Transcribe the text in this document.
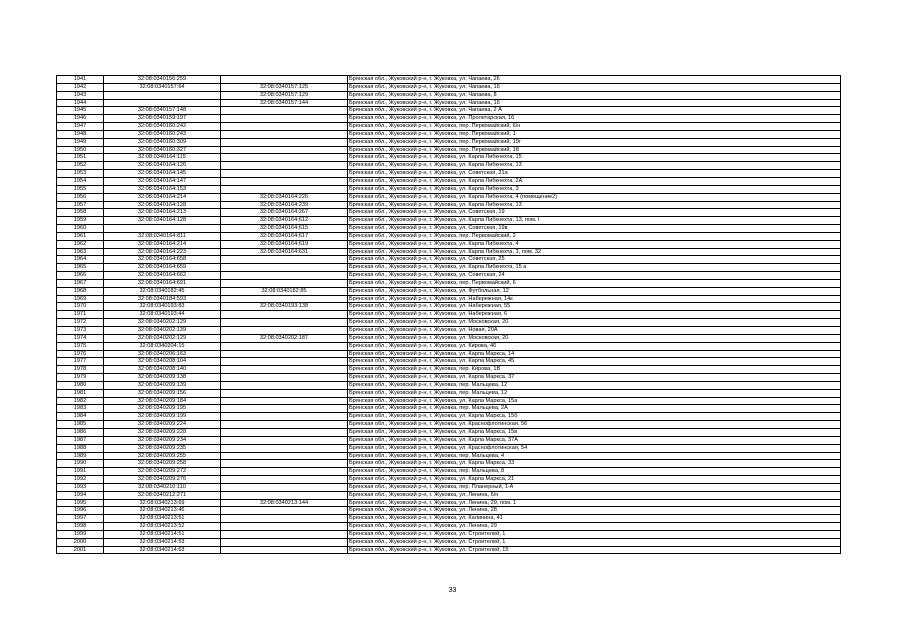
1941	32:08:0340156:259		Брянская обл., Жуковский р-н, г. Жуковка, ул. Чапаева, 26
1942	32:08:0340157:64	32:08:0340157:125	Брянская обл., Жуковский р-н, г. Жуковка, ул. Чапаева, 16
1943		32:08:0340157:129	Брянская обл., Жуковский р-н, г. Жуковка, ул. Чапаева, 8
1944		32:08:0340157:144	Брянская обл., Жуковский р-н, г. Жуковка, ул. Чапаева, 16
1945	32:08:0340157:148		Брянская обл., Жуковский р-н, г. Жуковка, ул. Чапаева, 2 А
1946	32:08:0340159:197		Брянская обл., Жуковский р-н, г. Жуковка, ул. Пролетарская, 16
1947	32:08:0340160:242		Брянская обл., Жуковский р-н, г. Жуковка, пер. Первомайский, 6/н
1948	32:08:0340160:243		Брянская обл., Жуковский р-н, г. Жуковка, пер. Первомайский, 1
1949	32:08:0340160:309		Брянская обл., Жуковский р-н, г. Жуковка, пер. Первомайский, 19г
1950	32:08:0340160:327		Брянская обл., Жуковский р-н, г. Жуковка, пер. Первомайский, 18
1951	32:08:0340164:115		Брянская обл., Жуковский р-н, г. Жуковка, ул. Карла Либкнехта, 15
1952	32:08:0340164:126		Брянская обл., Жуковский р-н, г. Жуковка, ул. Карла Либкнехта, 13
1953	32:08:0340164:145		Брянская обл., Жуковский р-н, г. Жуковка, ул. Советская, 21а
1954	32:08:0340164:147		Брянская обл., Жуковский р-н, г. Жуковка, ул. Карла Либкнехта, 2А
1955	32:08:0340164:153		Брянская обл., Жуковский р-н, г. Жуковка, ул. Карла Либкнехта, 3
1956	32:08:0340164:214	32:08:0340164:226	Брянская обл., Жуковский р-н, г. Жуковка, ул. Карла Либкнехта, 4 (помещение2)
1957	32:08:0340164:128	32:08:0340164:239	Брянская обл., Жуковский р-н, г. Жуковка, ул. Карла Либкнехта, 13
1958	32:08:0340164:213	32:08:0340164:267	Брянская обл., Жуковский р-н, г. Жуковка, ул. Советская, 19
1959	32:08:0340164:128	32:08:0340164:612	Брянская обл., Жуковский р-н, г. Жуковка, ул. Карла Либкнехта, 13, пом. I
1960		32:08:0340164:615	Брянская обл., Жуковский р-н, г. Жуковка, ул. Советская, 19в
1961	32:08:0340164:811	32:08:0340164:617	Брянская обл., Жуковский р-н, г. Жуковка, пер. Первомайский, 2
1962	32:08:0340164:214	32:08:0340164:619	Брянская обл., Жуковский р-н, г. Жуковка, ул. Карла Либкнехта, 4
1963	32:08:0340164:223	32:08:0340164:631	Брянская обл., Жуковский р-н, г. Жуковка, ул. Карла Либкнехта, 3, пом. 32
1964	32:08:0340164:658		Брянская обл., Жуковский р-н, г. Жуковка, ул. Советская, 25
1965	32:08:0340164:659		Брянская обл., Жуковский р-н, г. Жуковка, ул. Карла Либкнехта, 15 а
1966	32:08:0340164:662		Брянская обл., Жуковский р-н, г. Жуковка, ул. Советская, 24
1967	32:08:0340164:691		Брянская обл., Жуковский р-н, г. Жуковка, пер. Первомайский, 6
1968	32:08:0340182:45	32:08:0340182:85	Брянская обл., Жуковский р-н, г. Жуковка, ул. Футбольная, 12
1969	32:08:0340184:593		Брянская обл., Жуковский р-н, г. Жуковка, ул. Набережная, 14к
1970	32:08:0340193:83	32:08:0340193:138	Брянская обл., Жуковский р-н, г. Жуковка, ул. Набережная, 55
1971	32:08:0340193:44		Брянская обл., Жуковский р-н, г. Жуковка, ул. Набережная, 6
1972	32:08:0340202:129		Брянская обл., Жуковский р-н, г. Жуковка, ул. Московская, 20
1973	32:08:0340202:139		Брянская обл., Жуковский р-н, г. Жуковка, ул. Новая, 20А
1974	32:08:0340202:129	32:08:0340202:187	Брянская обл., Жуковский р-н, г. Жуковка, ул. Московская, 20
1975	32:08:0340204:15		Брянская обл., Жуковский р-н, г. Жуковка, ул. Кирова, 46
1976	32:08:0340206:163		Брянская обл., Жуковский р-н, г. Жуковка, ул. Карла Маркса, 14
1977	32:08:0340208:104		Брянская обл., Жуковский р-н, г. Жуковка, ул. Карла Маркса, 45
1978	32:08:0340208:140		Брянская обл., Жуковский р-н, г. Жуковка, пер. Кирова, 1В
1979	32:08:0340209:138		Брянская обл., Жуковский р-н, г. Жуковка, ул. Карла Маркса, 37
1980	32:08:0340209:139		Брянская обл., Жуковский р-н, г. Жуковка, пер. Мальцева, 12
1981	32:08:0340209:156		Брянская обл., Жуковский р-н, г. Жуковка, пер. Мальцева, 12
1982	32:08:0340209:184		Брянская обл., Жуковский р-н, г. Жуковка, ул. Карла Маркса, 15а
1983	32:08:0340209:195		Брянская обл., Жуковский р-н, г. Жуковка, пер. Мальцева, 2А
1984	32:08:0340209:199		Брянская обл., Жуковский р-н, г. Жуковка, ул. Карла Маркса, 15б
1985	32:08:0340209:224		Брянская обл., Жуковский р-н, г. Жуковка, ул. Краснофлотинская, 56
1986	32:08:0340209:228		Брянская обл., Жуковский р-н, г. Жуковка, ул. Карла Маркса, 15в
1987	32:08:0340209:234		Брянская обл., Жуковский р-н, г. Жуковка, ул. Карла Маркса, 37А
1988	32:08:0340209:235		Брянская обл., Жуковский р-н, г. Жуковка, ул. Краснофлотинская, 54
1989	32:08:0340209:255		Брянская обл., Жуковский р-н, г. Жуковка, пер. Мальцева, 4
1990	32:08:0340209:258		Брянская обл., Жуковский р-н, г. Жуковка, ул. Карла Маркса, 33
1991	32:08:0340209:272		Брянская обл., Жуковский р-н, г. Жуковка, пер. Мальцева, 8
1992	32:08:0340209:276		Брянская обл., Жуковский р-н, г. Жуковка, ул. Карла Маркса, 21
1993	32:08:0340210:110		Брянская обл., Жуковский р-н, г. Жуковка, пер. Планерный, 1-А
1994	32:08:0340212:271		Брянская обл., Жуковский р-н, г. Жуковка, ул. Ленина, 6/н
1995	32:08:0340213:69	32:08:0340213:144	Брянская обл., Жуковский р-н, г. Жуковка, ул. Ленина, 29, пом. 1
1996	32:08:0340213:46		Брянская обл., Жуковский р-н, г. Жуковка, ул. Ленина, 28
1997	32:08:0340213:51		Брянская обл., Жуковский р-н, г. Жуковка, ул. Калинина, 41
1998	32:08:0340213:52		Брянская обл., Жуковский р-н, г. Жуковка, ул. Ленина, 29
1999	32:08:0340214:51		Брянская обл., Жуковский р-н, г. Жуковка, ул. Строителей, 1
2000	32:08:0340214:53		Брянская обл., Жуковский р-н, г. Жуковка, ул. Строителей, 1
2001	32:08:0340214:63		Брянская обл., Жуковский р-н, г. Жуковка, ул. Строителей, 15
33
